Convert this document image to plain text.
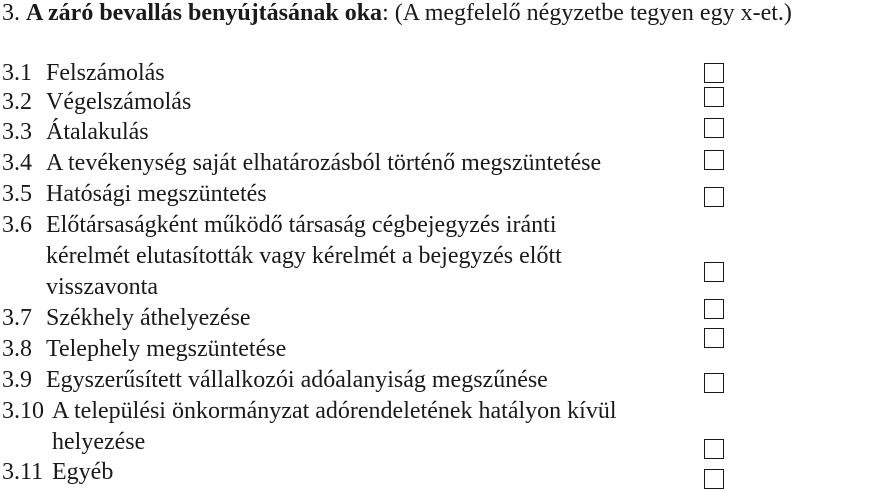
3. A záró bevallás benyújtásának oka: (A megfelelő négyzetbe tegyen egy x-et.)
3.1 Felszámolás
3.2 Végelszámolás
3.3 Átalakulás
3.4 A tevékenység saját elhatározásból történő megszüntetése
3.5 Hatósági megszüntetés
3.6 Előtársaságként működő társaság cégbejegyzés iránti
kérelmét elutasították vagy kérelmét a bejegyzés előtt
visszavonta
3.7 Székhely áthelyezése
3.8 Telephely megszüntetése
3.9 Egyszerűsített vállalkozói adóalanyiság megszűnése
3.10 A települési önkormányzat adórendeletének hatályon kívül
helyezése
3.11 Egyéb
